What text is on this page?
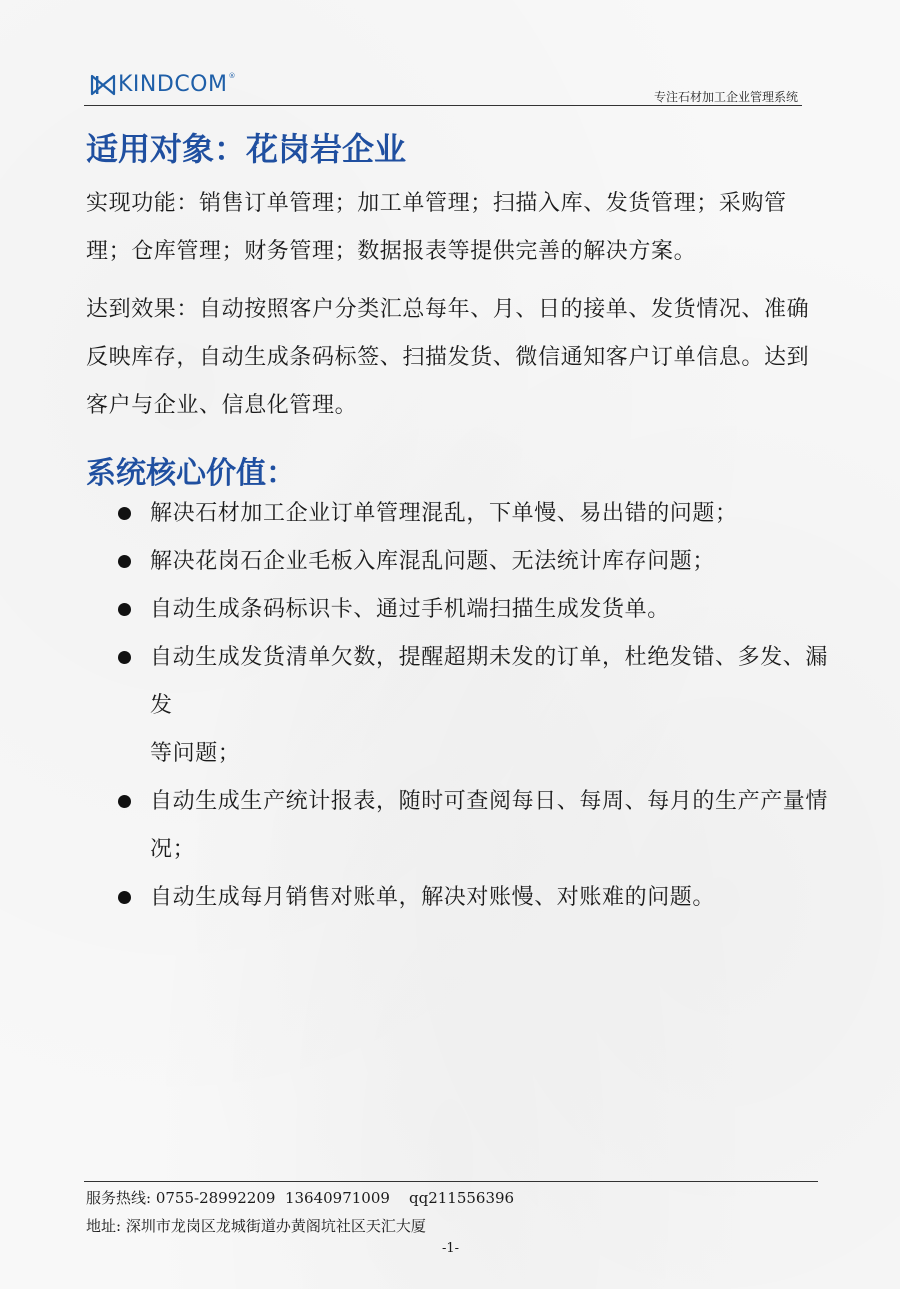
KINDCOM ®
专注石材加工企业管理系统
适用对象：花岗岩企业

实现功能：销售订单管理；加工单管理；扫描入库、发货管理；采购管理；仓库管理；财务管理；数据报表等提供完善的解决方案。

达到效果：自动按照客户分类汇总每年、月、日的接单、发货情况、准确反映库存，自动生成条码标签、扫描发货、微信通知客户订单信息。达到客户与企业、信息化管理。

系统核心价值：
解决石材加工企业订单管理混乱，下单慢、易出错的问题；
解决花岗石企业毛板入库混乱问题、无法统计库存问题；
自动生成条码标识卡、通过手机端扫描生成发货单。
自动生成发货清单欠数，提醒超期未发的订单，杜绝发错、多发、漏发
等问题；
自动生成生产统计报表，随时可查阅每日、每周、每月的生产产量情况；
自动生成每月销售对账单，解决对账慢、对账难的问题。
服务热线: 0755-28992209  13640971009    qq211556396
地址: 深圳市龙岗区龙城街道办黄阁坑社区天汇大厦
-1-
